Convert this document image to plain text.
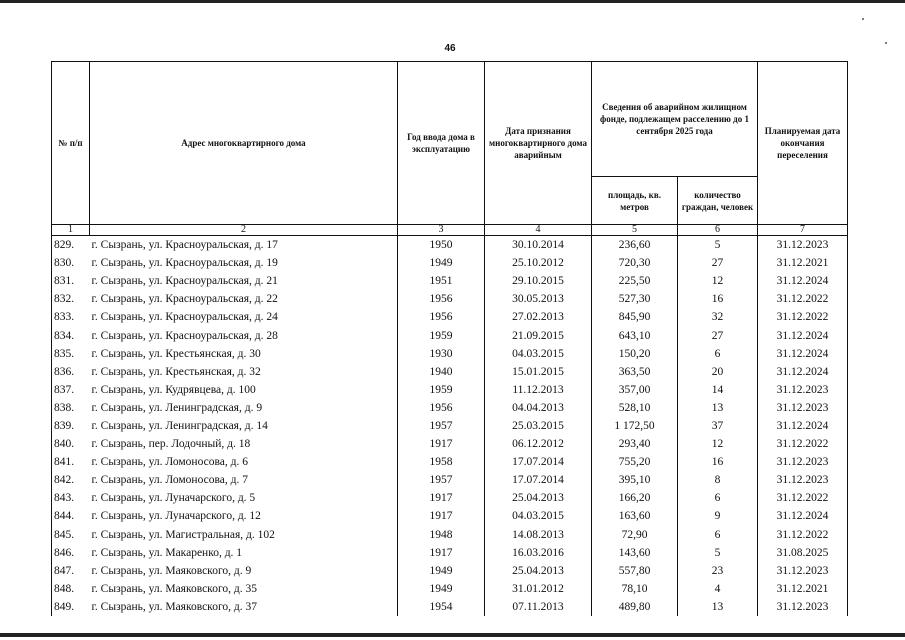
46
№ п/п	Адрес многоквартирного дома	Год ввода дома в эксплуатацию	Дата признания многоквартирного дома аварийным	Сведения об аварийном жилищном фонде, подлежащем расселению до 1 сентября 2025 года		Планируемая дата окончания переселения
				площадь, кв. метров	количество граждан, человек	
1	2	3	4	5	6	7
829.	г. Сызрань, ул. Красноуральская, д. 17	1950	30.10.2014	236,60	5	31.12.2023
830.	г. Сызрань, ул. Красноуральская, д. 19	1949	25.10.2012	720,30	27	31.12.2021
831.	г. Сызрань, ул. Красноуральская, д. 21	1951	29.10.2015	225,50	12	31.12.2024
832.	г. Сызрань, ул. Красноуральская, д. 22	1956	30.05.2013	527,30	16	31.12.2022
833.	г. Сызрань, ул. Красноуральская, д. 24	1956	27.02.2013	845,90	32	31.12.2022
834.	г. Сызрань, ул. Красноуральская, д. 28	1959	21.09.2015	643,10	27	31.12.2024
835.	г. Сызрань, ул. Крестьянская, д. 30	1930	04.03.2015	150,20	6	31.12.2024
836.	г. Сызрань, ул. Крестьянская, д. 32	1940	15.01.2015	363,50	20	31.12.2024
837.	г. Сызрань, ул. Кудрявцева, д. 100	1959	11.12.2013	357,00	14	31.12.2023
838.	г. Сызрань, ул. Ленинградская, д. 9	1956	04.04.2013	528,10	13	31.12.2023
839.	г. Сызрань, ул. Ленинградская, д. 14	1957	25.03.2015	1 172,50	37	31.12.2024
840.	г. Сызрань, пер. Лодочный, д. 18	1917	06.12.2012	293,40	12	31.12.2022
841.	г. Сызрань, ул. Ломоносова, д. 6	1958	17.07.2014	755,20	16	31.12.2023
842.	г. Сызрань, ул. Ломоносова, д. 7	1957	17.07.2014	395,10	8	31.12.2023
843.	г. Сызрань, ул. Луначарского, д. 5	1917	25.04.2013	166,20	6	31.12.2022
844.	г. Сызрань, ул. Луначарского, д. 12	1917	04.03.2015	163,60	9	31.12.2024
845.	г. Сызрань, ул. Магистральная, д. 102	1948	14.08.2013	72,90	6	31.12.2022
846.	г. Сызрань, ул. Макаренко, д. 1	1917	16.03.2016	143,60	5	31.08.2025
847.	г. Сызрань, ул. Маяковского, д. 9	1949	25.04.2013	557,80	23	31.12.2023
848.	г. Сызрань, ул. Маяковского, д. 35	1949	31.01.2012	78,10	4	31.12.2021
849.	г. Сызрань, ул. Маяковского, д. 37	1954	07.11.2013	489,80	13	31.12.2023
